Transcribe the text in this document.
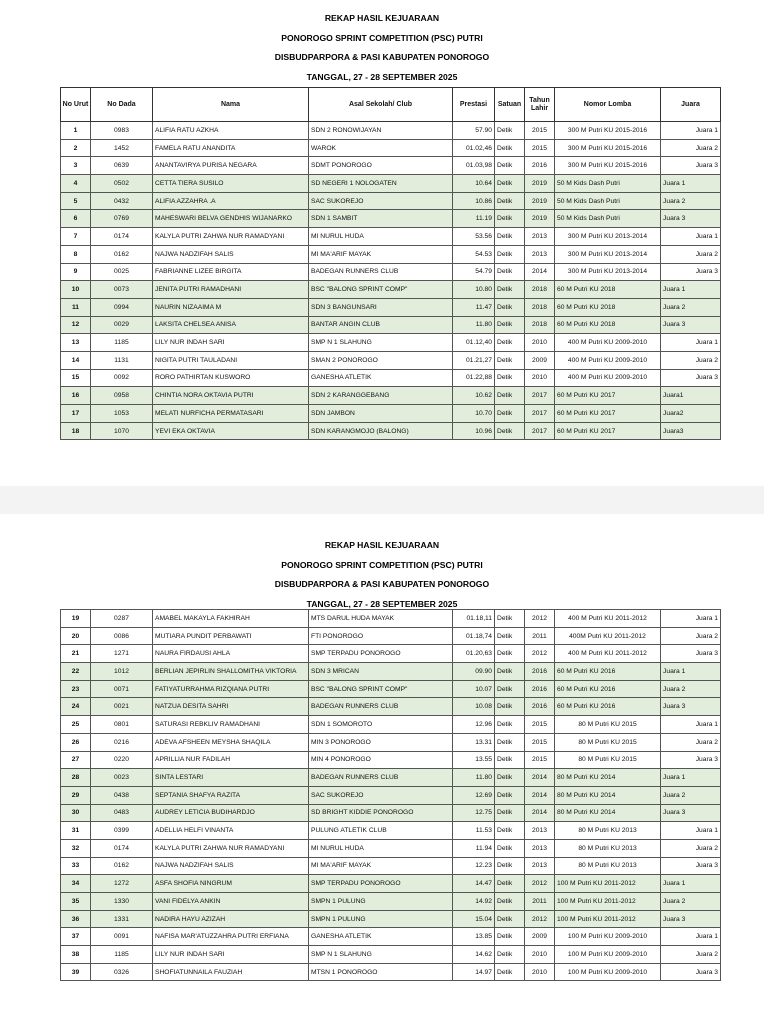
REKAP HASIL KEJUARAAN
PONOROGO SPRINT COMPETITION (PSC) PUTRI
DISBUDPARPORA & PASI KABUPATEN PONOROGO
TANGGAL, 27 - 28 SEPTEMBER 2025
No Urut	No Dada	Nama	Asal Sekolah/ Club	Prestasi	Satuan	Tahun Lahir	Nomor Lomba	Juara
1	0983	ALIFIA RATU AZKHA	SDN 2 RONOWIJAYAN	57.90	Detik	2015	300 M Putri KU 2015-2016	Juara 1
2	1452	FAMELA RATU ANANDITA	WAROK	01.02,46	Detik	2015	300 M Putri KU 2015-2016	Juara 2
3	0639	ANANTAVIRYA PURISA NEGARA	SDMT PONOROGO	01.03,98	Detik	2016	300 M Putri KU 2015-2016	Juara 3
4	0502	CETTA TIERA SUSILO	SD NEGERI 1 NOLOGATEN	10.64	Detik	2019	50 M Kids Dash Putri	Juara 1
5	0432	ALIFIA AZZAHRA .A	SAC SUKOREJO	10.86	Detik	2019	50 M Kids Dash Putri	Juara 2
6	0769	MAHESWARI BELVA GENDHIS WIJANARKO	SDN 1 SAMBIT	11.19	Detik	2019	50 M Kids Dash Putri	Juara 3
7	0174	KALYLA PUTRI ZAHWA NUR RAMADYANI	MI NURUL HUDA	53.56	Detik	2013	300 M Putri KU 2013-2014	Juara 1
8	0162	NAJWA NADZIFAH SALIS	MI MA'ARIF MAYAK	54.53	Detik	2013	300 M Putri KU 2013-2014	Juara 2
9	0025	FABRIANNE LIZEE BIRGITA	BADEGAN RUNNERS CLUB	54.79	Detik	2014	300 M Putri KU 2013-2014	Juara 3
10	0073	JENITA PUTRI RAMADHANI	BSC "BALONG SPRINT COMP"	10.80	Detik	2018	60 M Putri KU 2018	Juara 1
11	0994	NAURIN NIZAAIMA M	SDN 3 BANGUNSARI	11.47	Detik	2018	60 M Putri KU 2018	Juara 2
12	0029	LAKSITA CHELSEA ANISA	BANTAR ANGIN CLUB	11.80	Detik	2018	60 M Putri KU 2018	Juara 3
13	1185	LILY NUR INDAH SARI	SMP N 1 SLAHUNG	01.12,40	Detik	2010	400 M Putri KU 2009-2010	Juara 1
14	1131	NIGITA PUTRI TAULADANI	SMAN 2 PONOROGO	01.21,27	Detik	2009	400 M Putri KU 2009-2010	Juara 2
15	0092	RORO PATHIRTAN KUSWORO	GANESHA ATLETIK	01.22,88	Detik	2010	400 M Putri KU 2009-2010	Juara 3
16	0958	CHINTIA NORA OKTAVIA PUTRI	SDN 2 KARANGGEBANG	10.62	Detik	2017	60 M Putri KU 2017	Juara1
17	1053	MELATI NURFICHA PERMATASARI	SDN JAMBON	10.70	Detik	2017	60 M Putri KU 2017	Juara2
18	1070	YEVI EKA OKTAVIA	SDN KARANGMOJO (BALONG)	10.96	Detik	2017	60 M Putri KU 2017	Juara3
REKAP HASIL KEJUARAAN
PONOROGO SPRINT COMPETITION (PSC) PUTRI
DISBUDPARPORA & PASI KABUPATEN PONOROGO
TANGGAL, 27 - 28 SEPTEMBER 2025
19	0287	AMABEL MAKAYLA FAKHIRAH	MTS DARUL HUDA MAYAK	01.18,11	Detik	2012	400 M Putri KU 2011-2012	Juara 1
20	0086	MUTIARA PUNDIT PERBAWATI	FTI PONOROGO	01.18,74	Detik	2011	400M Putri KU 2011-2012	Juara 2
21	1271	NAURA FIRDAUSI AHLA	SMP TERPADU PONOROGO	01.20,63	Detik	2012	400 M Putri KU 2011-2012	Juara 3
22	1012	BERLIAN JEPIRLIN SHALLOMITHA VIKTORIA	SDN 3 MRICAN	09.90	Detik	2016	60 M Putri KU 2016	Juara 1
23	0071	FATIYATURRAHMA RIZQIANA PUTRI	BSC "BALONG SPRINT COMP"	10.07	Detik	2016	60 M Putri KU 2016	Juara 2
24	0021	NATZUA DESITA SAHRI	BADEGAN RUNNERS CLUB	10.08	Detik	2016	60 M Putri KU 2016	Juara 3
25	0801	SATURASI REBKLIV RAMADHANI	SDN 1 SOMOROTO	12.96	Detik	2015	80 M Putri KU 2015	Juara 1
26	0216	ADEVA AFSHEEN MEYSHA SHAQILA	MIN 3 PONOROGO	13.31	Detik	2015	80 M Putri KU 2015	Juara 2
27	0220	APRILLIA NUR FADILAH	MIN 4 PONOROGO	13.55	Detik	2015	80 M Putri KU 2015	Juara 3
28	0023	SINTA LESTARI	BADEGAN RUNNERS CLUB	11.80	Detik	2014	80 M Putri KU 2014	Juara 1
29	0438	SEPTANIA SHAFYA RAZITA	SAC SUKOREJO	12.69	Detik	2014	80 M Putri KU 2014	Juara 2
30	0483	AUDREY LETICIA BUDIHARDJO	SD BRIGHT KIDDIE PONOROGO	12.75	Detik	2014	80 M Putri KU 2014	Juara 3
31	0399	ADELLIA HELFI VINANTA	PULUNG ATLETIK CLUB	11.53	Detik	2013	80 M Putri KU 2013	Juara 1
32	0174	KALYLA PUTRI ZAHWA NUR RAMADYANI	MI NURUL HUDA	11.94	Detik	2013	80 M Putri KU 2013	Juara 2
33	0162	NAJWA NADZIFAH SALIS	MI MA'ARIF MAYAK	12.23	Detik	2013	80 M Putri KU 2013	Juara 3
34	1272	ASFA SHOFIA NINGRUM	SMP TERPADU PONOROGO	14.47	Detik	2012	100 M Putri KU 2011-2012	Juara 1
35	1330	VANI FIDELYA ANKIN	SMPN 1 PULUNG	14.92	Detik	2011	100 M Putri KU 2011-2012	Juara 2
36	1331	NADIRA HAYU AZIZAH	SMPN 1 PULUNG	15.04	Detik	2012	100 M Putri KU 2011-2012	Juara 3
37	0091	NAFISA MAR'ATUZZAHRA PUTRI ERFIANA	GANESHA ATLETIK	13.85	Detik	2009	100 M Putri KU 2009-2010	Juara 1
38	1185	LILY NUR INDAH SARI	SMP N 1 SLAHUNG	14.62	Detik	2010	100 M Putri KU 2009-2010	Juara 2
39	0326	SHOFIATUNNAILA FAUZIAH	MTSN 1 PONOROGO	14.97	Detik	2010	100 M Putri KU 2009-2010	Juara 3
